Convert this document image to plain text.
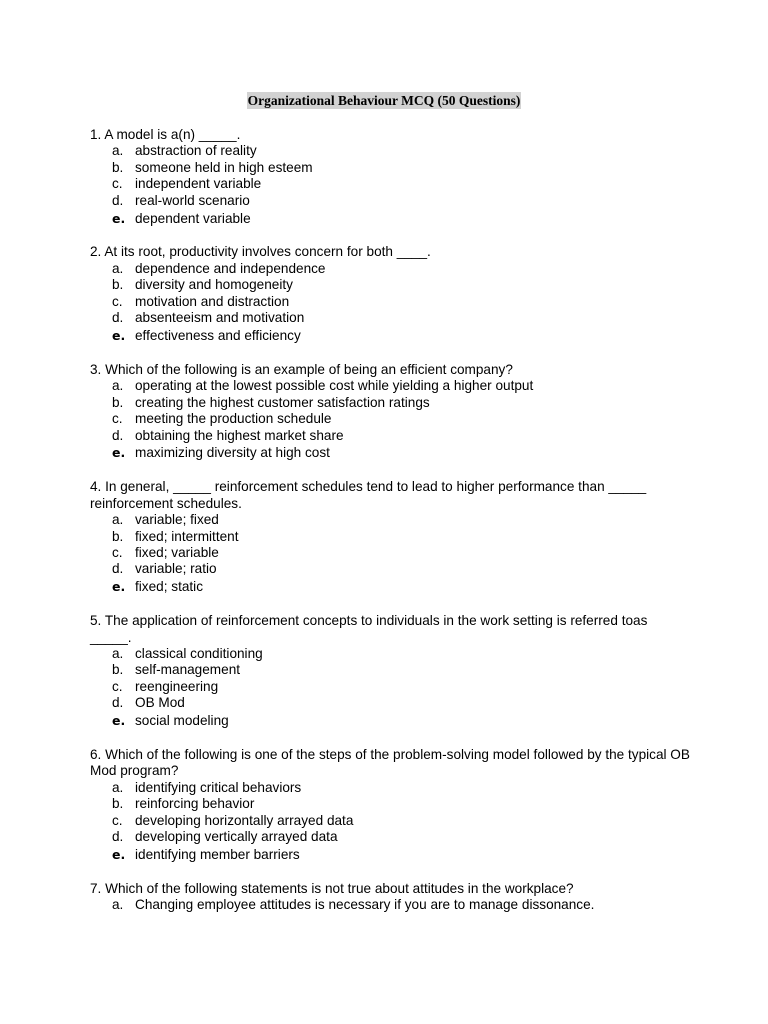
Organizational Behaviour MCQ (50 Questions)

1. A model is a(n) _____.

a. abstraction of reality
b. someone held in high esteem
c. independent variable
d. real-world scenario
e. dependent variable

2. At its root, productivity involves concern for both ____.

a. dependence and independence
b. diversity and homogeneity
c. motivation and distraction
d. absenteeism and motivation
e. effectiveness and efficiency

3. Which of the following is an example of being an efficient company?

a. operating at the lowest possible cost while yielding a higher output
b. creating the highest customer satisfaction ratings
c. meeting the production schedule
d. obtaining the highest market share
e. maximizing diversity at high cost

4. In general, _____ reinforcement schedules tend to lead to higher performance than _____ reinforcement schedules.

a. variable; fixed
b. fixed; intermittent
c. fixed; variable
d. variable; ratio
e. fixed; static

5. The application of reinforcement concepts to individuals in the work setting is referred toas _____.

a. classical conditioning
b. self-management
c. reengineering
d. OB Mod
e. social modeling

6. Which of the following is one of the steps of the problem-solving model followed by the typical OB Mod program?

a. identifying critical behaviors
b. reinforcing behavior
c. developing horizontally arrayed data
d. developing vertically arrayed data
e. identifying member barriers

7. Which of the following statements is not true about attitudes in the workplace?

a. Changing employee attitudes is necessary if you are to manage dissonance.
